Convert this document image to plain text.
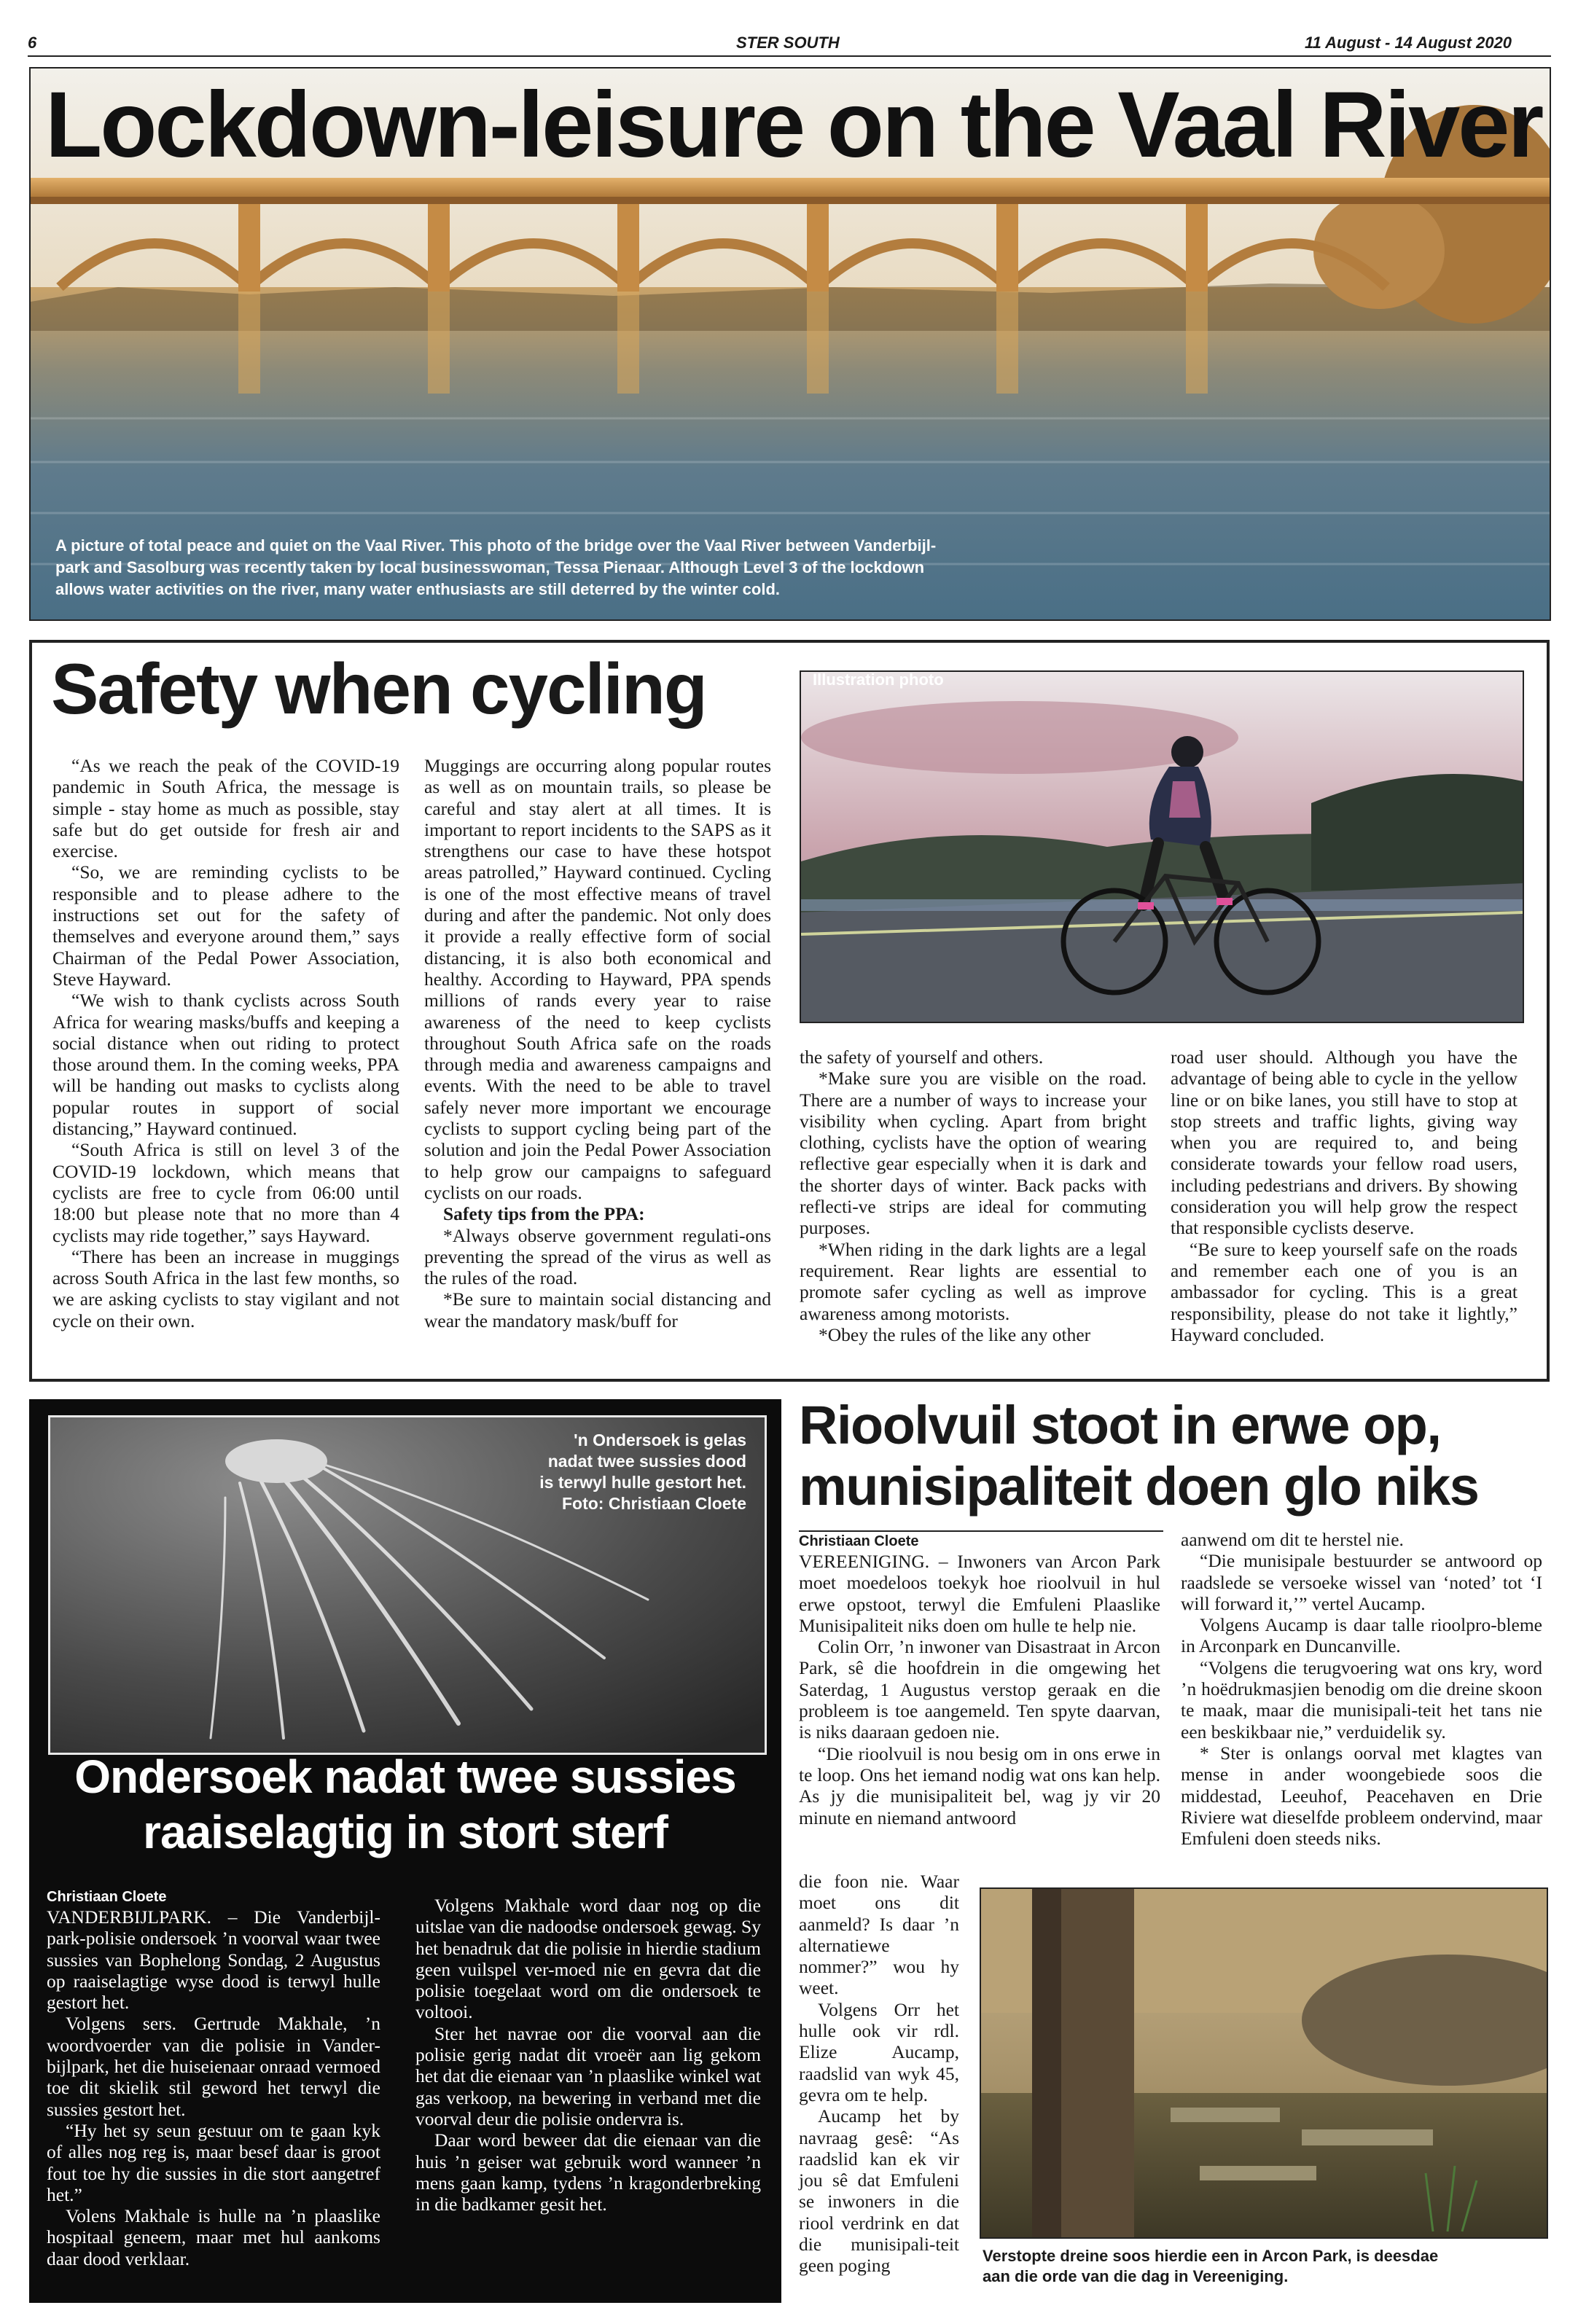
6	STER SOUTH	11 August - 14 August 2020
Lockdown-leisure on the Vaal River
A picture of total peace and quiet on the Vaal River. This photo of the bridge over the Vaal River between Vanderbijl-
park and Sasolburg was recently taken by local businesswoman, Tessa Pienaar. Although Level 3 of the lockdown
allows water activities on the river, many water enthusiasts are still deterred by the winter cold.
Safety when cycling

“As we reach the peak of the COVID-19 pandemic in South Africa, the message is simple - stay home as much as possible, stay safe but do get outside for fresh air and exercise.

“So, we are reminding cyclists to be responsible and to please adhere to the instructions set out for the safety of themselves and everyone around them,” says Chairman of the Pedal Power Association, Steve Hayward.

“We wish to thank cyclists across South Africa for wearing masks/buffs and keeping a social distance when out riding to protect those around them. In the coming weeks, PPA will be handing out masks to cyclists along popular routes in support of social distancing,” Hayward continued.

“South Africa is still on level 3 of the COVID-19 lockdown, which means that cyclists are free to cycle from 06:00 until 18:00 but please note that no more than 4 cyclists may ride together,” says Hayward.

“There has been an increase in muggings across South Africa in the last few months, so we are asking cyclists to stay vigilant and not cycle on their own.

Muggings are occurring along popular routes as well as on mountain trails, so please be careful and stay alert at all times. It is important to report incidents to the SAPS as it strengthens our case to have these hotspot areas patrolled,” Hayward continued. Cycling is one of the most effective means of travel during and after the pandemic. Not only does it provide a really effective form of social distancing, it is also both economical and healthy. According to Hayward, PPA spends millions of rands every year to raise awareness of the need to keep cyclists throughout South Africa safe on the roads through media and awareness campaigns and events. With the need to be able to travel safely never more important we encourage cyclists to support cycling being part of the solution and join the Pedal Power Association to help grow our campaigns to safeguard cyclists on our roads.

Safety tips from the PPA:

*Always observe government regulati-ons preventing the spread of the virus as well as the rules of the road.

*Be sure to maintain social distancing and wear the mandatory mask/buff for

Illustration photo

the safety of yourself and others.

*Make sure you are visible on the road. There are a number of ways to increase your visibility when cycling. Apart from bright clothing, cyclists have the option of wearing reflective gear especially when it is dark and the shorter days of winter. Back packs with reflecti-ve strips are ideal for commuting purposes.

*When riding in the dark lights are a legal requirement. Rear lights are essential to promote safer cycling as well as improve awareness among motorists.

*Obey the rules of the like any other

road user should. Although you have the advantage of being able to cycle in the yellow line or on bike lanes, you still have to stop at stop streets and traffic lights, giving way when you are required to, and being considerate towards your fellow road users, including pedestrians and drivers. By showing consideration you will help grow the respect that responsible cyclists deserve.

“Be sure to keep yourself safe on the roads and remember each one of you is an ambassador for cycling. This is a great responsibility, please do not take it lightly,” Hayward concluded.

'n Ondersoek is gelas
nadat twee sussies dood
is terwyl hulle gestort het.
Foto: Christiaan Cloete
Ondersoek nadat twee sussies
raaiselagtig in stort sterf
Christiaan Cloete

VANDERBIJLPARK. – Die Vanderbijl-park-polisie ondersoek ’n voorval waar twee sussies van Bophelong Sondag, 2 Augustus op raaiselagtige wyse dood is terwyl hulle gestort het.

Volgens sers. Gertrude Makhale, ’n woordvoerder van die polisie in Vander-bijlpark, het die huiseienaar onraad vermoed toe dit skielik stil geword het terwyl die sussies gestort het.

“Hy het sy seun gestuur om te gaan kyk of alles nog reg is, maar besef daar is groot fout toe hy die sussies in die stort aangetref het.”

Volens Makhale is hulle na ’n plaaslike hospitaal geneem, maar met hul aankoms daar dood verklaar.

Volgens Makhale word daar nog op die uitslae van die nadoodse ondersoek gewag. Sy het benadruk dat die polisie in hierdie stadium geen vuilspel ver-moed nie en gevra dat die polisie toegelaat word om die ondersoek te voltooi.

Ster het navrae oor die voorval aan die polisie gerig nadat dit vroeër aan lig gekom het dat die eienaar van ’n plaaslike winkel wat gas verkoop, na bewering in verband met die voorval deur die polisie ondervra is.

Daar word beweer dat die eienaar van die huis ’n geiser wat gebruik word wanneer ’n mens gaan kamp, tydens ’n kragonderbreking in die badkamer gesit het.

Rioolvuil stoot in erwe op,
munisipaliteit doen glo niks
Christiaan Cloete

VEREENIGING. – Inwoners van Arcon Park moet moedeloos toekyk hoe rioolvuil in hul erwe opstoot, terwyl die Emfuleni Plaaslike Munisipaliteit niks doen om hulle te help nie.

Colin Orr, ’n inwoner van Disastraat in Arcon Park, sê die hoofdrein in die omgewing het Saterdag, 1 Augustus verstop geraak en die probleem is toe aangemeld. Ten spyte daarvan, is niks daaraan gedoen nie.

“Die rioolvuil is nou besig om in ons erwe in te loop. Ons het iemand nodig wat ons kan help. As jy die munisipaliteit bel, wag jy vir 20 minute en niemand antwoord

die foon nie. Waar moet ons dit aanmeld? Is daar ’n alternatiewe nommer?” wou hy weet.

Volgens Orr het hulle ook vir rdl. Elize Aucamp, raadslid van wyk 45, gevra om te help.

Aucamp het by navraag gesê: “As raadslid kan ek vir jou sê dat Emfuleni se inwoners in die riool verdrink en dat die munisipali-teit geen poging

aanwend om dit te herstel nie.

“Die munisipale bestuurder se antwoord op raadslede se versoeke wissel van ‘noted’ tot ‘I will forward it,’” vertel Aucamp.

Volgens Aucamp is daar talle rioolpro-bleme in Arconpark en Duncanville.

“Volgens die terugvoering wat ons kry, word ’n hoëdrukmasjien benodig om die dreine skoon te maak, maar die munisipali-teit het tans nie een beskikbaar nie,” verduidelik sy.

* Ster is onlangs oorval met klagtes van mense in ander woongebiede soos die middestad, Leeuhof, Peacehaven en Drie Riviere wat dieselfde probleem ondervind, maar Emfuleni doen steeds niks.

Verstopte dreine soos hierdie een in Arcon Park, is deesdae
aan die orde van die dag in Vereeniging.
